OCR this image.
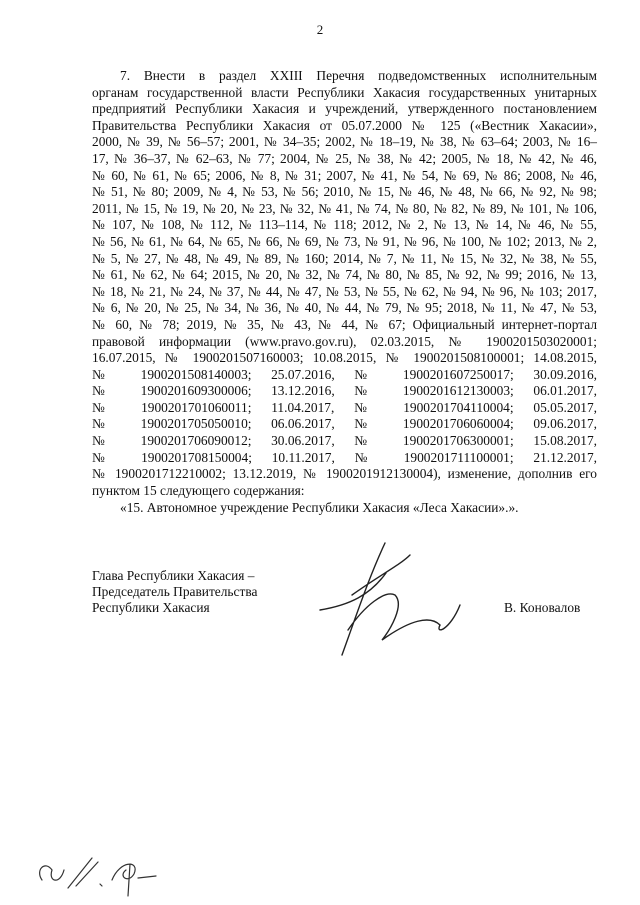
2
7. Внести в раздел XXIII Перечня подведомственных исполнительным
органам государственной власти Республики Хакасия государственных унитарных
предприятий Республики Хакасия и учреждений, утвержденного постановлением
Правительства Республики Хакасия от 05.07.2000 № 125 («Вестник Хакасии»,
2000, № 39, № 56–57; 2001, № 34–35; 2002, № 18–19, № 38, № 63–64; 2003, № 16–
17, № 36–37, № 62–63, № 77; 2004, № 25, № 38, № 42; 2005, № 18, № 42, № 46,
№ 60, № 61, № 65; 2006, № 8, № 31; 2007, № 41, № 54, № 69, № 86; 2008, № 46,
№ 51, № 80; 2009, № 4, № 53, № 56; 2010, № 15, № 46, № 48, № 66, № 92, № 98;
2011, № 15, № 19, № 20, № 23, № 32, № 41, № 74, № 80, № 82, № 89, № 101, № 106,
№ 107, № 108, № 112, № 113–114, № 118; 2012, № 2, № 13, № 14, № 46, № 55,
№ 56, № 61, № 64, № 65, № 66, № 69, № 73, № 91, № 96, № 100, № 102; 2013, № 2,
№ 5, № 27, № 48, № 49, № 89, № 160; 2014, № 7, № 11, № 15, № 32, № 38, № 55,
№ 61, № 62, № 64; 2015, № 20, № 32, № 74, № 80, № 85, № 92, № 99; 2016, № 13,
№ 18, № 21, № 24, № 37, № 44, № 47, № 53, № 55, № 62, № 94, № 96, № 103; 2017,
№ 6, № 20, № 25, № 34, № 36, № 40, № 44, № 79, № 95; 2018, № 11, № 47, № 53,
№ 60, № 78; 2019, № 35, № 43, № 44, № 67; Официальный интернет-портал
правовой информации (www.pravo.gov.ru), 02.03.2015, № 1900201503020001;
16.07.2015, № 1900201507160003; 10.08.2015, № 1900201508100001; 14.08.2015,
№ 1900201508140003; 25.07.2016, № 1900201607250017; 30.09.2016,
№ 1900201609300006; 13.12.2016, № 1900201612130003; 06.01.2017,
№ 1900201701060011; 11.04.2017, № 1900201704110004; 05.05.2017,
№ 1900201705050010; 06.06.2017, № 1900201706060004; 09.06.2017,
№ 1900201706090012; 30.06.2017, № 1900201706300001; 15.08.2017,
№ 1900201708150004; 10.11.2017, № 1900201711100001; 21.12.2017,
№ 1900201712210002; 13.12.2019, № 1900201912130004), изменение, дополнив его
пунктом 15 следующего содержания:
«15. Автономное учреждение Республики Хакасия «Леса Хакасии».».
Глава Республики Хакасия –
Председатель Правительства
Республики Хакасия	В. Коновалов
